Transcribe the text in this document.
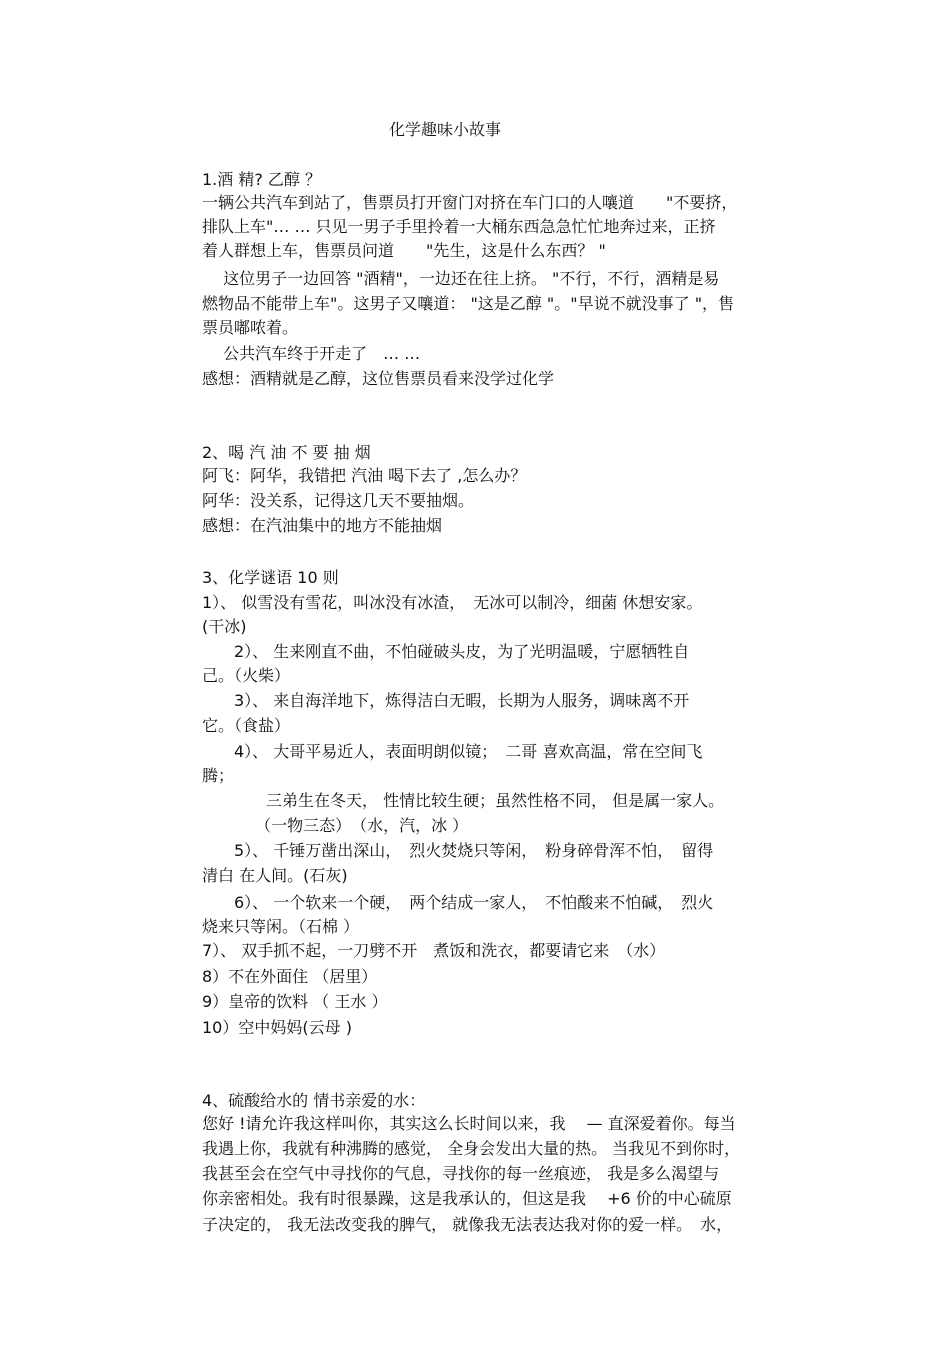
化学趣味小故事
1.酒 精? 乙醇 ？
一辆公共汽车到站了，售票员打开窗门对挤在车门口的人嚷道　　"不要挤，
排队上车"… … 只见一男子手里拎着一大桶东西急急忙忙地奔过来，正挤
着人群想上车，售票员问道　　"先生，这是什么东西？ "
　 这位男子一边回答 "酒精"，一边还在往上挤。 "不行，不行，酒精是易
燃物品不能带上车"。这男子又嚷道： "这是乙醇 "。"早说不就没事了 "，售
票员嘟哝着。
　 公共汽车终于开走了　… …
感想：酒精就是乙醇，这位售票员看来没学过化学
2、喝 汽 油 不 要 抽 烟
阿飞：阿华，我错把 汽油 喝下去了 ,怎么办？
阿华：没关系，记得这几天不要抽烟。
感想：在汽油集中的地方不能抽烟
3、化学谜语 10 则
1）、 似雪没有雪花，叫冰没有冰渣，　无冰可以制冷，细菌 休想安家。
(干冰)
　　2）、 生来刚直不曲，不怕碰破头皮，为了光明温暖，宁愿牺牲自
己。（火柴）
　　3）、 来自海洋地下，炼得洁白无暇，长期为人服务，调味离不开
它。（食盐）
　　4）、 大哥平易近人，表面明朗似镜；　二哥 喜欢高温，常在空间飞
腾；
　　　　三弟生在冬天， 性情比较生硬；虽然性格不同， 但是属一家人。
　　　 （一物三态）　（水，汽，冰 ）
　　5）、 千锤万凿出深山，　烈火焚烧只等闲，　粉身碎骨浑不怕，　留得
清白 在人间。(石灰)
　　6）、 一个软来一个硬，　两个结成一家人，　不怕酸来不怕碱，　烈火
烧来只等闲。（石棉 ）
7）、 双手抓不起，一刀劈不开　煮饭和洗衣，都要请它来　（水）
8）不在外面住 （居里）
9）皇帝的饮料 （ 王水 ）
10）空中妈妈(云母 )
4、硫酸给水的 情书亲爱的水：
您好 !请允许我这样叫你，其实这么长时间以来，我　 — 直深爱着你。每当
我遇上你，我就有种沸腾的感觉， 全身会发出大量的热。 当我见不到你时，
我甚至会在空气中寻找你的气息，寻找你的每一丝痕迹， 我是多么渴望与
你亲密相处。我有时很暴躁，这是我承认的，但这是我　 +6 价的中心硫原
子决定的， 我无法改变我的脾气， 就像我无法表达我对你的爱一样。　水，
